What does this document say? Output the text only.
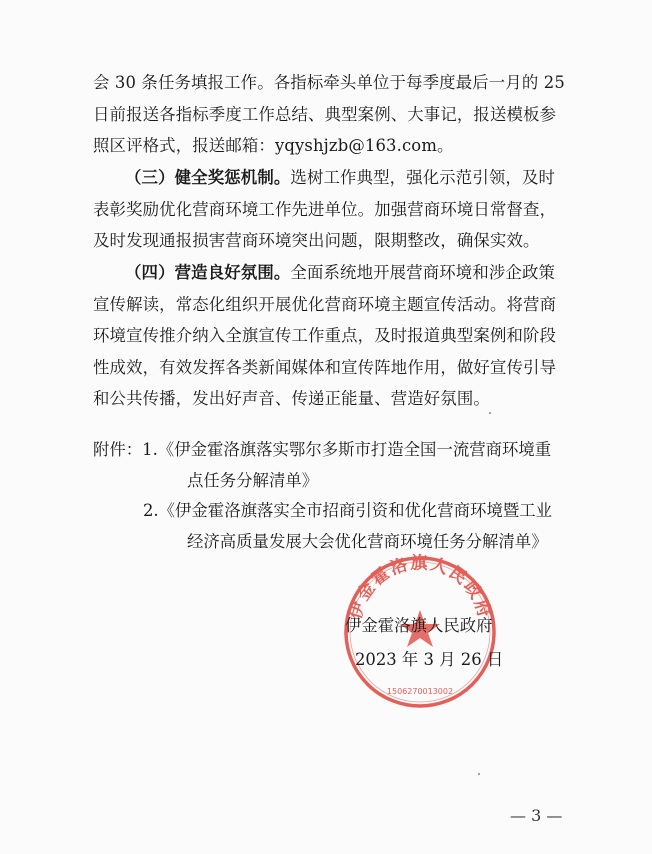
会 30 条任务填报工作。各指标牵头单位于每季度最后一月的 25
日前报送各指标季度工作总结、典型案例、大事记，报送模板参
照区评格式，报送邮箱：yqyshjzb@163.com。

（三）健全奖惩机制。选树工作典型，强化示范引领，及时
表彰奖励优化营商环境工作先进单位。加强营商环境日常督查，
及时发现通报损害营商环境突出问题，限期整改，确保实效。

（四）营造良好氛围。全面系统地开展营商环境和涉企政策
宣传解读，常态化组织开展优化营商环境主题宣传活动。将营商
环境宣传推介纳入全旗宣传工作重点，及时报道典型案例和阶段
性成效，有效发挥各类新闻媒体和宣传阵地作用，做好宣传引导
和公共传播，发出好声音、传递正能量、营造好氛围。

附件：1.《伊金霍洛旗落实鄂尔多斯市打造全国一流营商环境重
点任务分解清单》
2.《伊金霍洛旗落实全市招商引资和优化营商环境暨工业
经济高质量发展大会优化营商环境任务分解清单》
伊金霍洛旗人民政府
1506270013002
伊金霍洛旗人民政府
2023 年 3 月 26 日
— 3 —
